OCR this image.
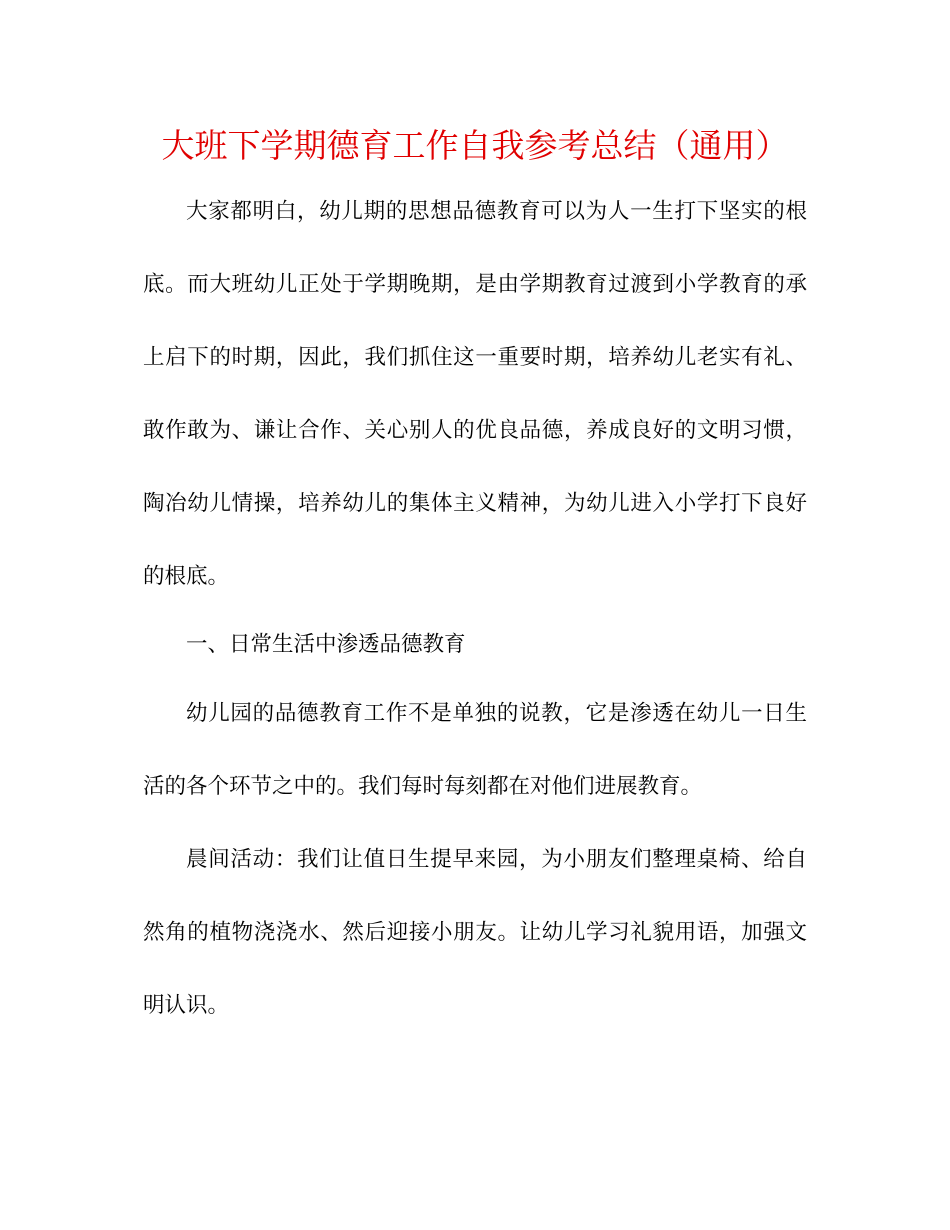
大班下学期德育工作自我参考总结（通用）

大家都明白，幼儿期的思想品德教育可以为人一生打下坚实的根底。而大班幼儿正处于学期晚期，是由学期教育过渡到小学教育的承上启下的时期，因此，我们抓住这一重要时期，培养幼儿老实有礼、敢作敢为、谦让合作、关心别人的优良品德，养成良好的文明习惯，陶冶幼儿情操，培养幼儿的集体主义精神，为幼儿进入小学打下良好的根底。

一、日常生活中渗透品德教育

幼儿园的品德教育工作不是单独的说教，它是渗透在幼儿一日生活的各个环节之中的。我们每时每刻都在对他们进展教育。

晨间活动：我们让值日生提早来园，为小朋友们整理桌椅、给自然角的植物浇浇水、然后迎接小朋友。让幼儿学习礼貌用语，加强文明认识。
